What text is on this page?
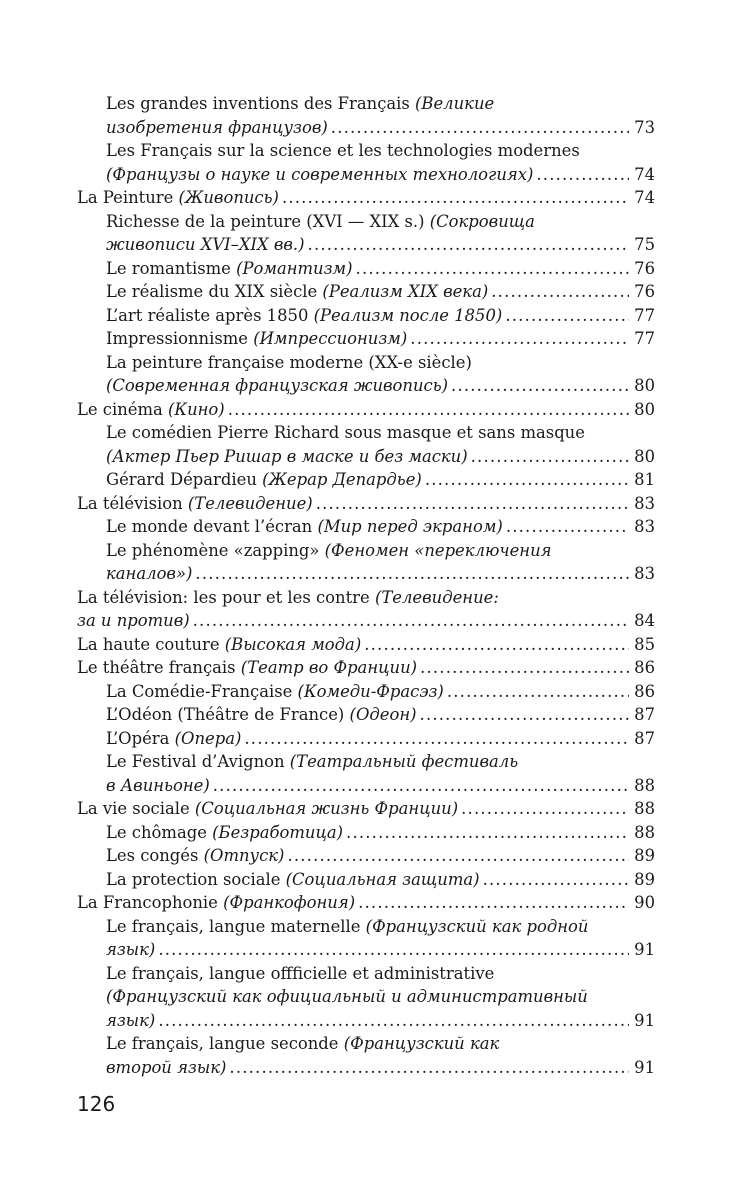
Les grandes inventions des Français (Великие
изобретения французов) .....	73
Les Français sur la science et les technologies modernes
(Французы о науке и современных технологиях) .....	74
La Peinture (Живопись) .....	74
Richesse de la peinture (XVI — XIX s.) (Сокровища
живописи XVI–XIX вв.) .....	75
Le romantisme (Романтизм) .....	76
Le réalisme du XIX siècle (Реализм XIX века) .....	76
L’art réaliste après 1850 (Реализм после 1850) .....	77
Impressionnisme (Импрессионизм) .....	77
La peinture française moderne (XX-e siècle)
(Современная французская живопись) .....	80
Le cinéma (Кино) .....	80
Le comédien Pierre Richard sous masque et sans masque
(Актер Пьер Ришар в маске и без маски) .....	80
Gérard Dépardieu (Жерар Депардье) .....	81
La télévision (Телевидение) .....	83
Le monde devant l’écran (Мир перед экраном) .....	83
Le phénomène «zapping» (Феномен «переключения
каналов») .....	83
La télévision: les pour et les contre (Телевидение:
за и против) .....	84
La haute couture (Высокая мода) .....	85
Le théâtre français (Театр во Франции) .....	86
La Comédie-Française (Комеди-Фрасэз) .....	86
L’Odéon (Théâtre de France) (Одеон) .....	87
L’Opéra (Опера) .....	87
Le Festival d’Avignon (Театральный фестиваль
в Авиньоне) .....	88
La vie sociale (Социальная жизнь Франции) .....	88
Le chômage (Безработица) .....	88
Les congés (Отпуск) .....	89
La protection sociale (Социальная защита) .....	89
La Francophonie (Франкофония) .....	90
Le français, langue maternelle (Французский как родной
язык) .....	91
Le français, langue offficielle et administrative
(Французский как официальный и административный
язык) .....	91
Le français, langue seconde (Французский как
второй язык) .....	91
126
